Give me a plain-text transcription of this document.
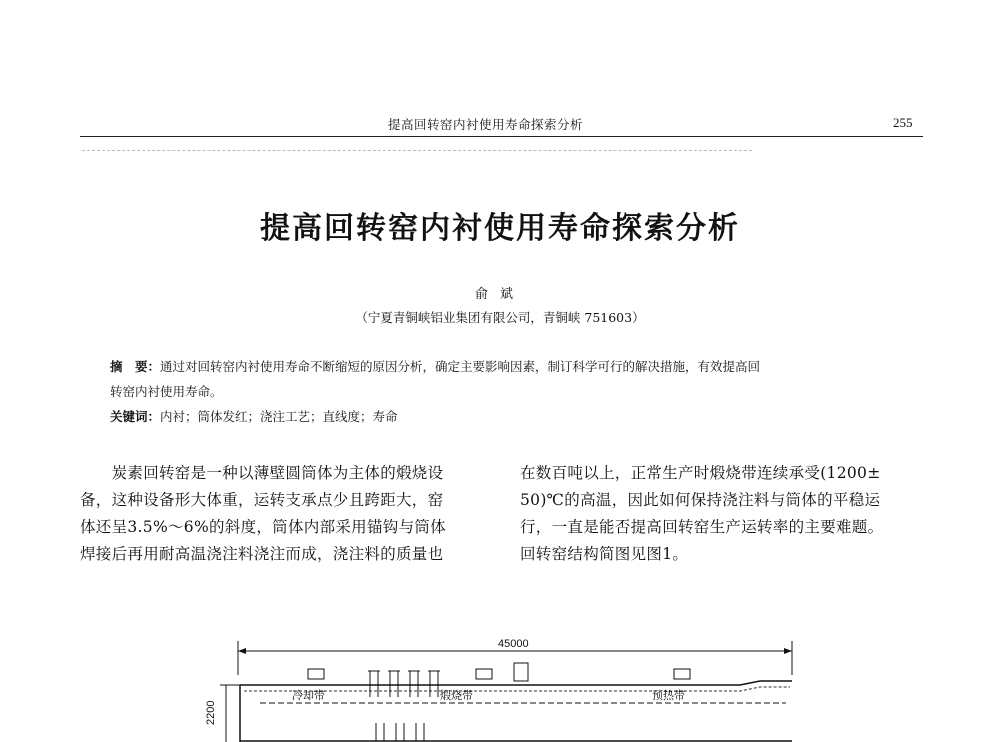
提高回转窑内衬使用寿命探索分析	255
提高回转窑内衬使用寿命探索分析
俞斌
（宁夏青铜峡铝业集团有限公司，青铜峡 751603）
摘　要：通过对回转窑内衬使用寿命不断缩短的原因分析，确定主要影响因素，制订科学可行的解决措施，有效提高回
转窑内衬使用寿命。
关键词：内衬；筒体发红；浇注工艺；直线度；寿命
　　炭素回转窑是一种以薄壁圆筒体为主体的煅烧设
备，这种设备形大体重，运转支承点少且跨距大，窑
体还呈3.5%～6%的斜度，筒体内部采用锚钩与筒体
焊接后再用耐高温浇注料浇注而成，浇注料的质量也
在数百吨以上，正常生产时煅烧带连续承受(1200±
50)℃的高温，因此如何保持浇注料与筒体的平稳运
行，一直是能否提高回转窑生产运转率的主要难题。
回转窑结构简图见图1。
45000
2200
冷却带	煅烧带	预热带
